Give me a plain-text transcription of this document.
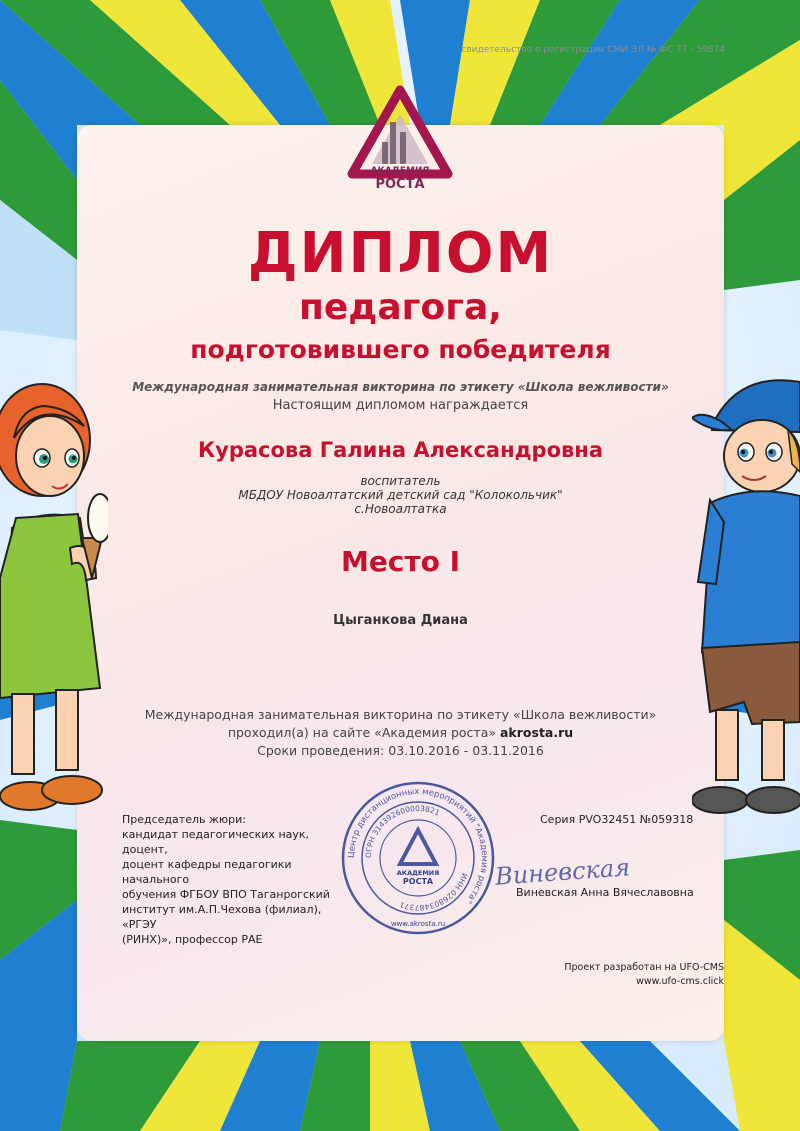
свидетельство о регистрации СМИ ЭЛ № ФС 77 - 59874
АКАДЕМИЯ
РОСТА
ДИПЛОМ
педагога,
подготовившего победителя
Международная занимательная викторина по этикету «Школа вежливости»
Настоящим дипломом награждается
Курасова Галина Александровна
воспитатель
МБДОУ Новоалтатский детский сад "Колокольчик"
с.Новоалтатка
Место I
Цыганкова Диана
Международная занимательная викторина по этикету «Школа вежливости»
проходил(а) на сайте «Академия роста» akrosta.ru
Сроки проведения: 03.10.2016 - 03.11.2016
Председатель жюри:
кандидат педагогических наук, доцент,
доцент кафедры педагогики начального
обучения ФГБОУ ВПО Таганрогский
институт им.А.П.Чехова (филиал), «РГЭУ
(РИНХ)», профессор РАЕ
Серия PVO32451 №059318
Центр дистанционных мероприятий "Академия роста"
ОГРН 314392600003821
ИНН 026803487371
АКАДЕМИЯ
РОСТА
www.akrosta.ru
Виневская
Виневская Анна Вячеславовна
Проект разработан на UFO-CMS
www.ufo-cms.click
